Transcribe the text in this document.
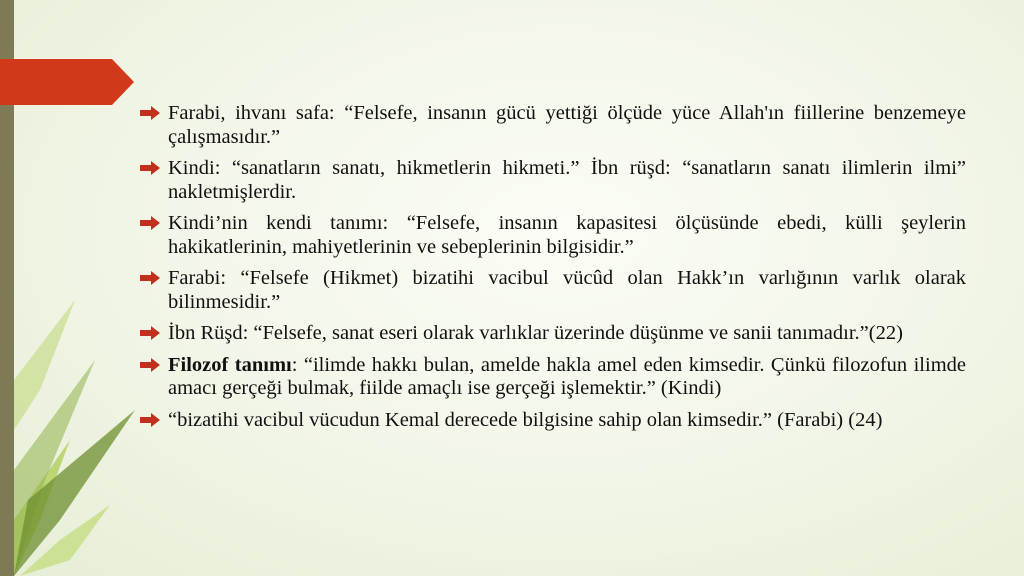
Farabi, ihvanı safa: “Felsefe, insanın gücü yettiği ölçüde yüce Allah'ın fiillerine benzemeye çalışmasıdır.”
Kindi: “sanatların sanatı, hikmetlerin hikmeti.” İbn rüşd: “sanatların sanatı ilimlerin ilmi” nakletmişlerdir.
Kindi’nin kendi tanımı: “Felsefe, insanın kapasitesi ölçüsünde ebedi, külli şeylerin hakikatlerinin, mahiyetlerinin ve sebeplerinin bilgisidir.”
Farabi: “Felsefe (Hikmet) bizatihi vacibul vücûd olan Hakk’ın varlığının varlık olarak bilinmesidir.”
İbn Rüşd: “Felsefe, sanat eseri olarak varlıklar üzerinde düşünme ve sanii tanımadır.”(22)
Filozof tanımı: “ilimde hakkı bulan, amelde hakla amel eden kimsedir. Çünkü filozofun ilimde amacı gerçeği bulmak, fiilde amaçlı ise gerçeği işlemektir.” (Kindi)
“bizatihi vacibul vücudun Kemal derecede bilgisine sahip olan kimsedir.” (Farabi) (24)
